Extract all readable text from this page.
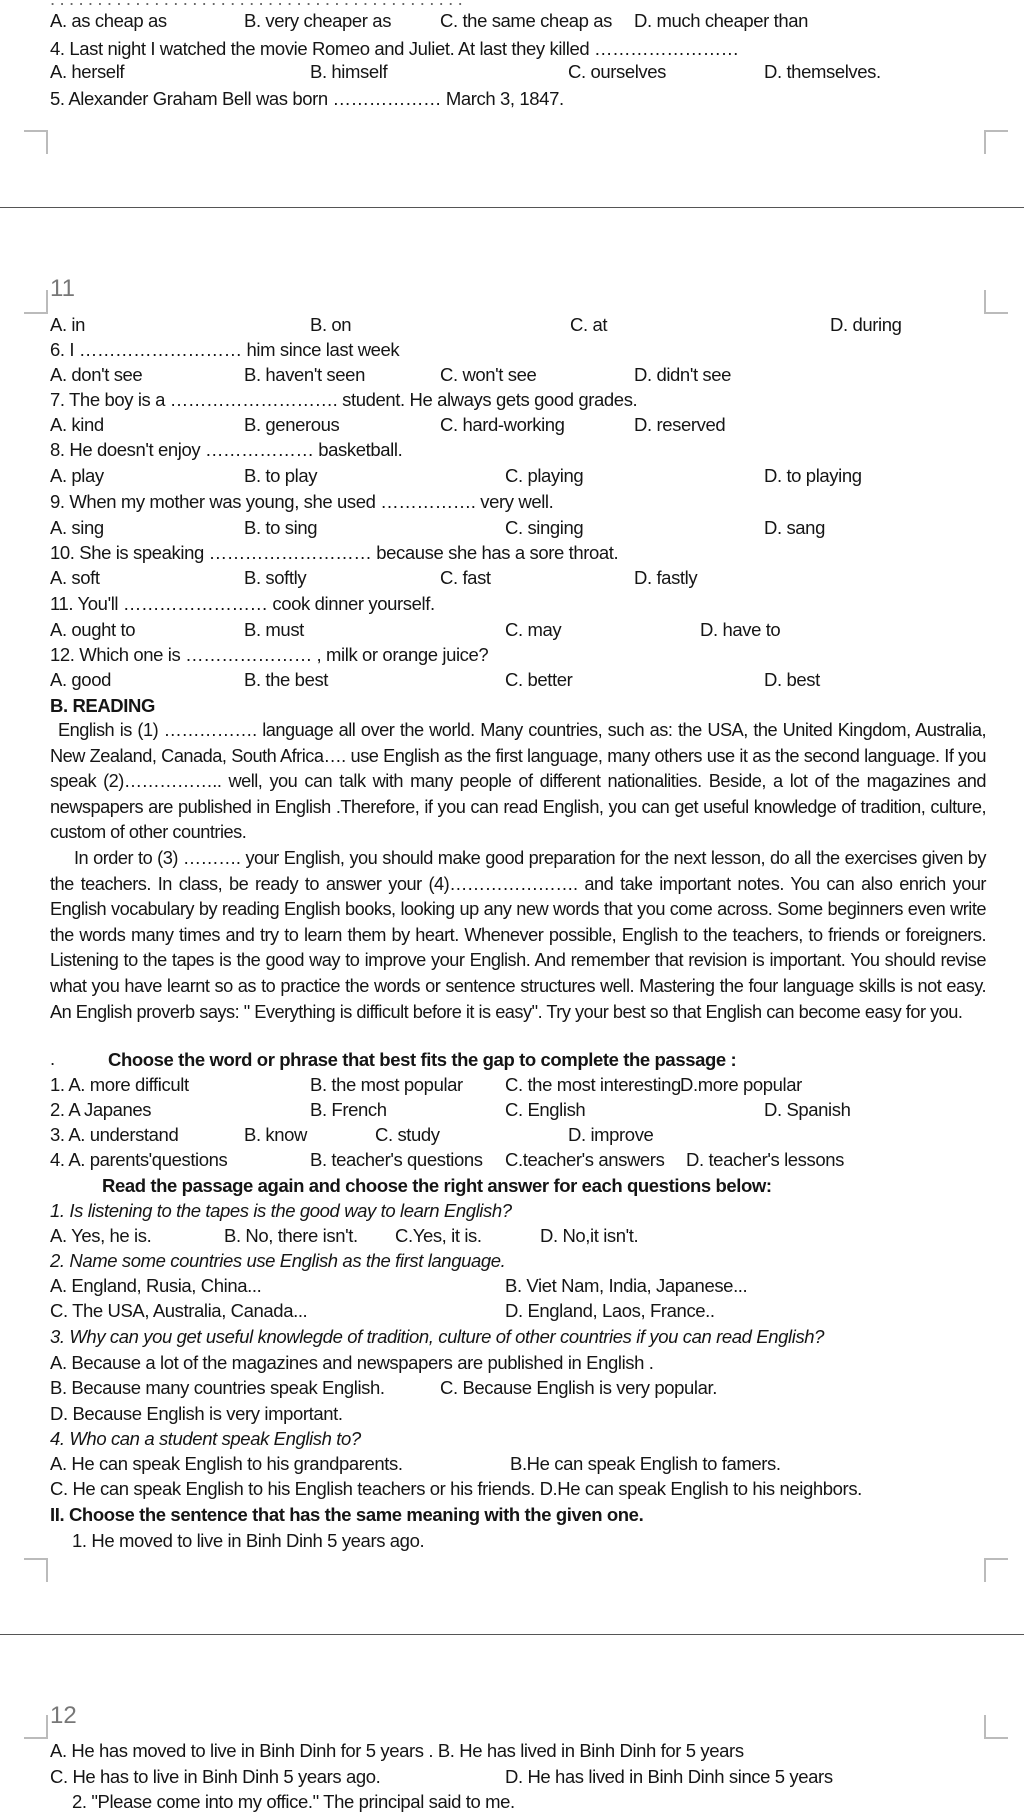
A. as cheap as	B. very cheaper as	C. the same cheap as D. much cheaper than
4. Last night I watched the movie Romeo and Juliet. At last they killed ……………………
A. herself	B. himself	C. ourselves	D. themselves.
5. Alexander Graham Bell was born ……………… March 3, 1847.
11
A. in	B. on	C. at	D. during
6. I ……………………… him since last week
A. don't see	B. haven't seen	C. won't see	D. didn't see
7. The boy is a ………………………. student. He always gets good grades.
A. kind	B. generous	C. hard-working	D. reserved
8. He doesn't enjoy ……………… basketball.
A. play	B. to play	C. playing	D. to playing
9. When my mother was young, she used ……………. very well.
A. sing	B. to sing	C. singing	D. sang
10. She is speaking ……………………… because she has a sore throat.
A. soft	B. softly	C. fast	D. fastly
11. You'll …………………… cook dinner yourself.
A. ought to	B. must	C. may	D. have to
12. Which one is ………………… , milk or orange juice?
A. good	B. the best	C. better	D. best
B. READING
English is (1) ……………. language all over the world. Many countries, such as: the USA, the United Kingdom, Australia, New Zealand, Canada, South Africa…. use English as the first language, many others use it as the second language. If you speak (2)…………….. well, you can talk with many people of different nationalities. Beside, a lot of the magazines and newspapers are published in English .Therefore, if you can read English, you can get useful knowledge of tradition, culture, custom of other countries.
In order to (3) ………. your English, you should make good preparation for the next lesson, do all the exercises given by the teachers. In class, be ready to answer your (4)…………………. and take important notes. You can also enrich your English vocabulary by reading English books, looking up any new words that you come across. Some beginners even write the words many times and try to learn them by heart. Whenever possible, English to the teachers, to friends or foreigners. Listening to the tapes is the good way to improve your English. And remember that revision is important. You should revise what you have learnt so as to practice the words or sentence structures well. Mastering the four language skills is not easy. An English proverb says: " Everything is difficult before it is easy". Try your best so that English can become easy for you.
.	Choose the word or phrase that best fits the gap to complete the passage :
1. A. more difficult	B. the most popular C. the most interesting D.more popular
2. A Japanes	B. French	C. English	D. Spanish
3. A. understand	B. know	C. study	D. improve
4. A. parents'questions	B. teacher's questions C.teacher's answers D. teacher's lessons
Read the passage again and choose the right answer for each questions below:
1. Is listening to the tapes is the good way to learn English?
A. Yes, he is.	B. No, there isn't. C.Yes, it is.	D. No,it isn't.
2. Name some countries use English as the first language.
A. England, Rusia, China...	B. Viet Nam, India, Japanese...
C. The USA, Australia, Canada...	D. England, Laos, France..
3. Why can you get useful knowlegde of tradition, culture of other countries if you can read English?
A. Because a lot of the magazines and newspapers are published in English .
B. Because many countries speak English.	C. Because English is very popular.
D. Because English is very important.
4. Who can a student speak English to?
A. He can speak English to his grandparents.	B.He can speak English to famers.
C. He can speak English to his English teachers or his friends. D.He can speak English to his neighbors.
II. Choose the sentence that has the same meaning with the given one.
1. He moved to live in Binh Dinh 5 years ago.
12
A. He has moved to live in Binh Dinh for 5 years . B. He has lived in Binh Dinh for 5 years
C. He has to live in Binh Dinh 5 years ago.	D. He has lived in Binh Dinh since 5 years
2. "Please come into my office." The principal said to me.
